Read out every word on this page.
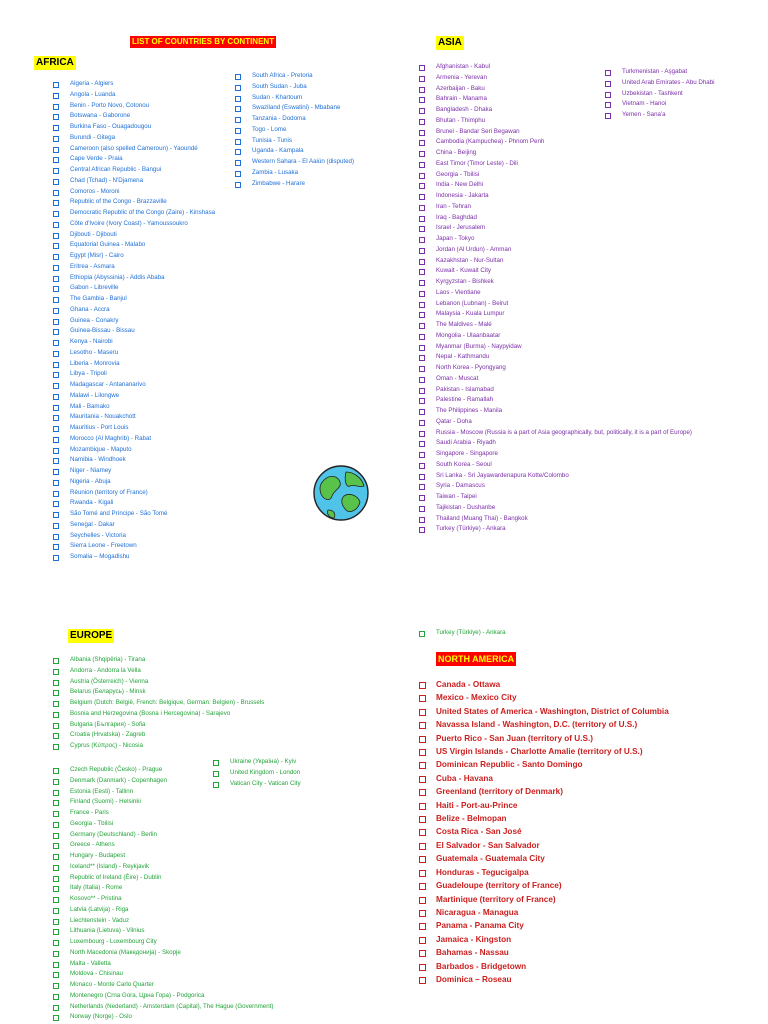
LIST OF COUNTRIES BY CONTINENT
AFRICA
Algeria - Algiers
Angola - Luanda
Benin - Porto Novo, Cotonou
Botswana - Gaborone
Burkina Faso - Ouagadougou
Burundi - Gitega
Cameroon (also spelled Cameroun) - Yaoundé
Cape Verde - Praia
Central African Republic - Bangui
Chad (Tchad) - N'Djamena
Comoros - Moroni
Republic of the Congo - Brazzaville
Democratic Republic of the Congo (Zaire) - Kinshasa
Côte d'Ivoire (Ivory Coast) - Yamoussoukro
Djibouti - Djibouti
Equatorial Guinea - Malabo
Egypt (Misr) - Cairo
Eritrea - Asmara
Ethiopia (Abyssinia) - Addis Ababa
Gabon - Libreville
The Gambia - Banjul
Ghana - Accra
Guinea - Conakry
Guinea-Bissau - Bissau
Kenya - Nairobi
Lesotho - Maseru
Liberia - Monrovia
Libya - Tripoli
Madagascar - Antananarivo
Malawi - Lilongwe
Mali - Bamako
Mauritania - Nouakchott
Mauritius - Port Louis
Morocco (Al Maghrib) - Rabat
Mozambique - Maputo
Namibia - Windhoek
Niger - Niamey
Nigeria - Abuja
Réunion (territory of France)
Rwanda - Kigali
São Tomé and Príncipe - São Tomé
Senegal - Dakar
Seychelles - Victoria
Sierra Leone - Freetown
Somalia – Mogadishu
South Africa - Pretoria
South Sudan - Juba
Sudan - Khartoum
Swaziland (Eswatini) - Mbabane
Tanzania - Dodoma
Togo - Lome
Tunisia - Tunis
Uganda - Kampala
Western Sahara - El Aaiún (disputed)
Zambia - Lusaka
Zimbabwe - Harare
ASIA
Afghanistan - Kabul
Armenia - Yerevan
Azerbaijan - Baku
Bahrain - Manama
Bangladesh - Dhaka
Bhutan - Thimphu
Brunei - Bandar Seri Begawan
Cambodia (Kampuchea) - Phnom Penh
China - Beijing
East Timor (Timor Leste) - Dili
Georgia - Tbilisi
India - New Delhi
Indonesia - Jakarta
Iran - Tehran
Iraq - Baghdad
Israel - Jerusalem
Japan - Tokyo
Jordan (Al Urdun) - Amman
Kazakhstan - Nur-Sultan
Kuwait - Kuwait City
Kyrgyzstan - Bishkek
Laos - Vientiane
Lebanon (Lubnan) - Beirut
Malaysia - Kuala Lumpur
The Maldives - Malé
Mongolia - Ulaanbaatar
Myanmar (Burma) - Naypyidaw
Nepal - Kathmandu
North Korea - Pyongyang
Oman - Muscat
Pakistan - Islamabad
Palestine - Ramallah
The Philippines - Manila
Qatar - Doha
Russia - Moscow (Russia is a part of Asia geographically, but, politically, it is a part of Europe)
Saudi Arabia - Riyadh
Singapore - Singapore
South Korea - Seoul
Sri Lanka - Sri Jayawardenapura Kotte/Colombo
Syria - Damascus
Taiwan - Taipei
Tajikistan - Dushanbe
Thailand (Muang Thai) - Bangkok
Turkey (Türkiye) - Ankara
Turkmenistan - Aşgabat
United Arab Emirates - Abu Dhabi
Uzbekistan - Tashkent
Vietnam - Hanoi
Yemen - Sana'a
EUROPE
Albania (Shqipëria) - Tirana
Andorra - Andorra la Vella
Austria (Österreich) - Vienna
Belarus (Беларусь) - Minsk
Belgium (Dutch: België, French: Belgique, German: Belgien) - Brussels
Bosnia and Herzegovina (Bosna i Hercegovina) - Sarajevo
Bulgaria (България) - Sofia
Croatia (Hrvatska) - Zagreb
Cyprus (Κύπρος) - Nicosia
Czech Republic (Česko) - Prague
Denmark (Danmark) - Copenhagen
Estonia (Eesti) - Tallinn
Finland (Suomi) - Helsinki
France - Paris
Georgia - Tbilisi
Germany (Deutschland) - Berlin
Greece - Athens
Hungary - Budapest
Iceland** (Island) - Reykjavik
Republic of Ireland (Éire) - Dublin
Italy (Italia) - Rome
Kosovo** - Pristina
Latvia (Latvija) - Riga
Liechtenstein - Vaduz
Lithuania (Lietuva) - Vilnius
Luxembourg - Luxembourg City
North Macedonia (Македонија) - Skopje
Malta - Valletta
Moldova - Chisinau
Monaco - Monte Carlo Quarter
Montenegro (Crna Gora, Црна Гора) - Podgorica
Netherlands (Nederland) - Amsterdam (Capital), The Hague (Government)
Norway (Norge) - Oslo
Ukraine (Україна) - Kyiv
United Kingdom - London
Vatican City - Vatican City
Turkey (Türkiye) - Ankara
NORTH AMERICA
Canada - Ottawa
Mexico - Mexico City
United States of America - Washington, District of Columbia
Navassa Island - Washington, D.C. (territory of U.S.)
Puerto Rico - San Juan (territory of U.S.)
US Virgin Islands - Charlotte Amalie (territory of U.S.)
Dominican Republic - Santo Domingo
Cuba - Havana
Greenland (territory of Denmark)
Haiti - Port-au-Prince
Belize - Belmopan
Costa Rica - San José
El Salvador - San Salvador
Guatemala - Guatemala City
Honduras - Tegucigalpa
Guadeloupe (territory of France)
Martinique (territory of France)
Nicaragua - Managua
Panama - Panama City
Jamaica - Kingston
Bahamas - Nassau
Barbados - Bridgetown
Dominica – Roseau
